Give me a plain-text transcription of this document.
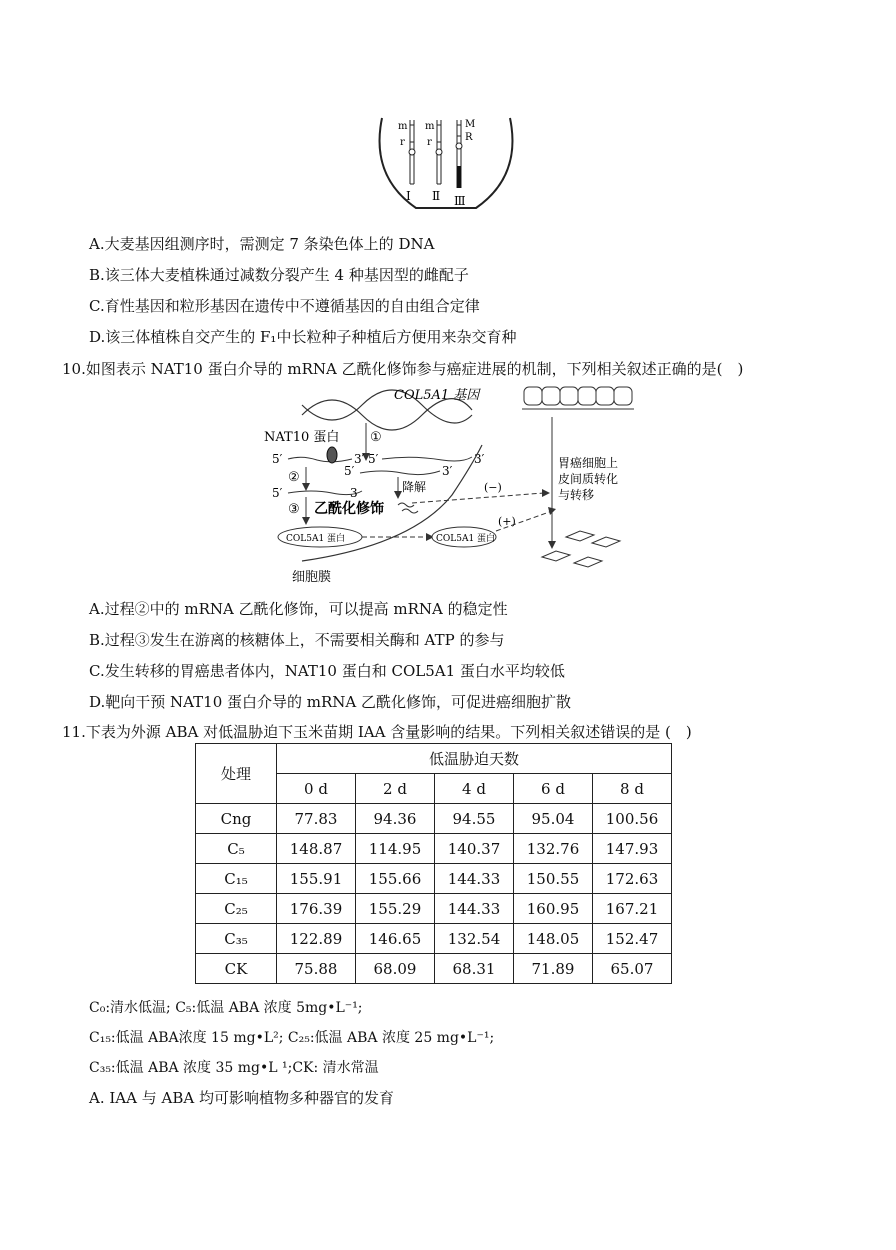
m
r
Ⅰ
m
r
Ⅱ
M
R
Ⅲ
A.大麦基因组测序时，需测定 7 条染色体上的 DNA
B.该三体大麦植株通过减数分裂产生 4 种基因型的雌配子
C.育性基因和粒形基因在遗传中不遵循基因的自由组合定律
D.该三体植株自交产生的 F₁中长粒种子种植后方便用来杂交育种
10.如图表示 NAT10 蛋白介导的 mRNA 乙酰化修饰参与癌症进展的机制，下列相关叙述正确的是(　)
COL5A1 基因
①
NAT10 蛋白
5′	3′ 5′	3′
5′	3′
②
5′	3	降解
③ 乙酰化修饰
COL5A1 蛋白	COL5A1 蛋白
细胞膜
(−)
(+)
胃癌细胞上
皮间质转化
与转移
A.过程②中的 mRNA 乙酰化修饰，可以提高 mRNA 的稳定性
B.过程③发生在游离的核糖体上，不需要相关酶和 ATP 的参与
C.发生转移的胃癌患者体内，NAT10 蛋白和 COL5A1 蛋白水平均较低
D.靶向干预 NAT10 蛋白介导的 mRNA 乙酰化修饰，可促进癌细胞扩散
11.下表为外源 ABA 对低温胁迫下玉米苗期 IAA 含量影响的结果。下列相关叙述错误的是 (　)
处理	低温胁迫天数				
	0 d	2 d	4 d	6 d	8 d
Cng	77.83	94.36	94.55	95.04	100.56
C₅	148.87	114.95	140.37	132.76	147.93
C₁₅	155.91	155.66	144.33	150.55	172.63
C₂₅	176.39	155.29	144.33	160.95	167.21
C₃₅	122.89	146.65	132.54	148.05	152.47
CK	75.88	68.09	68.31	71.89	65.07
C₀:清水低温; C₅:低温 ABA 浓度 5mg•L⁻¹;
C₁₅:低温 ABA浓度 15 mg•L²; C₂₅:低温 ABA 浓度 25 mg•L⁻¹;
C₃₅:低温 ABA 浓度 35 mg•L ¹;CK: 清水常温
A. IAA 与 ABA 均可影响植物多种器官的发育
